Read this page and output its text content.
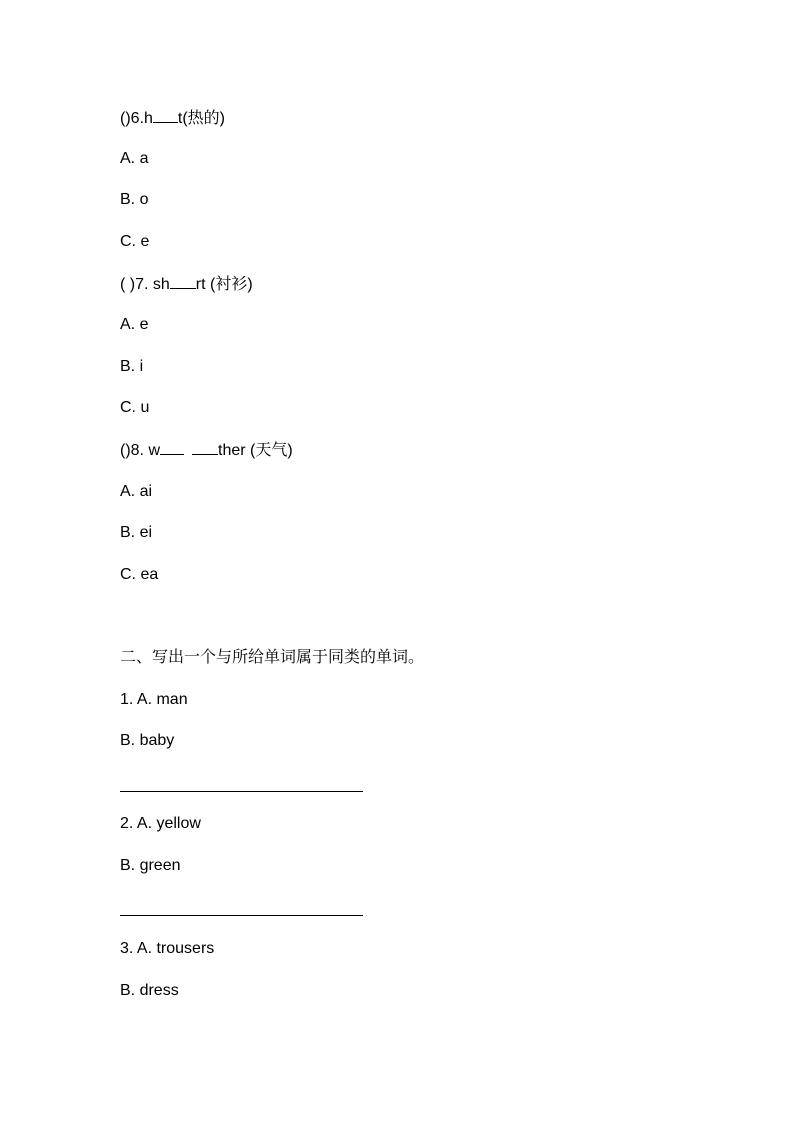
()6.h t(热的)
A. a
B. o
C. e
( )7. sh rt (衬衫)
A. e
B. i
C. u
()8. w	ther (天气)
A. ai
B. ei
C. ea
二、写出一个与所给单词属于同类的单词。
1. A. man
B. baby
2. A. yellow
B. green
3. A. trousers
B. dress
